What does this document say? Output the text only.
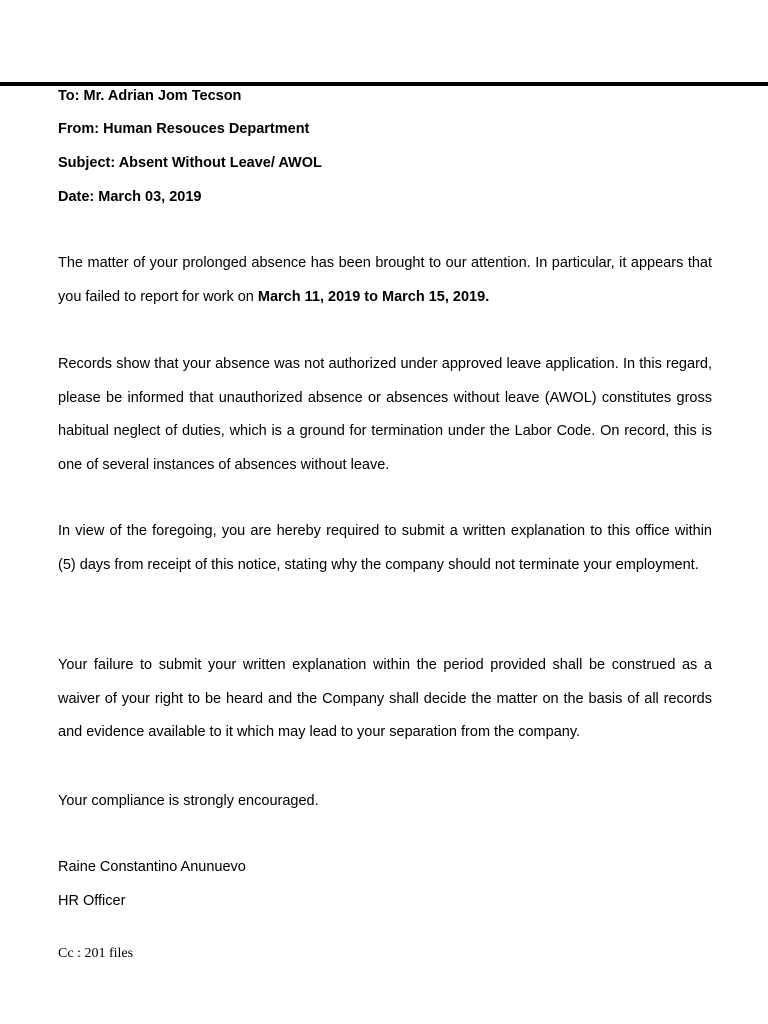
To: Mr. Adrian Jom Tecson
From: Human Resouces Department
Subject: Absent Without Leave/ AWOL
Date: March 03, 2019

The matter of your prolonged absence has been brought to our attention. In particular, it appears that you failed to report for work on March 11, 2019 to March 15, 2019.

Records show that your absence was not authorized under approved leave application. In this regard, please be informed that unauthorized absence or absences without leave (AWOL) constitutes gross habitual neglect of duties, which is a ground for termination under the Labor Code. On record, this is one of several instances of absences without leave.

In view of the foregoing, you are hereby required to submit a written explanation to this office within (5) days from receipt of this notice, stating why the company should not terminate your employment.

Your failure to submit your written explanation within the period provided shall be construed as a waiver of your right to be heard and the Company shall decide the matter on the basis of all records and evidence available to it which may lead to your separation from the company.

Your compliance is strongly encouraged.
Raine Constantino Anunuevo
HR Officer
Cc : 201 files
